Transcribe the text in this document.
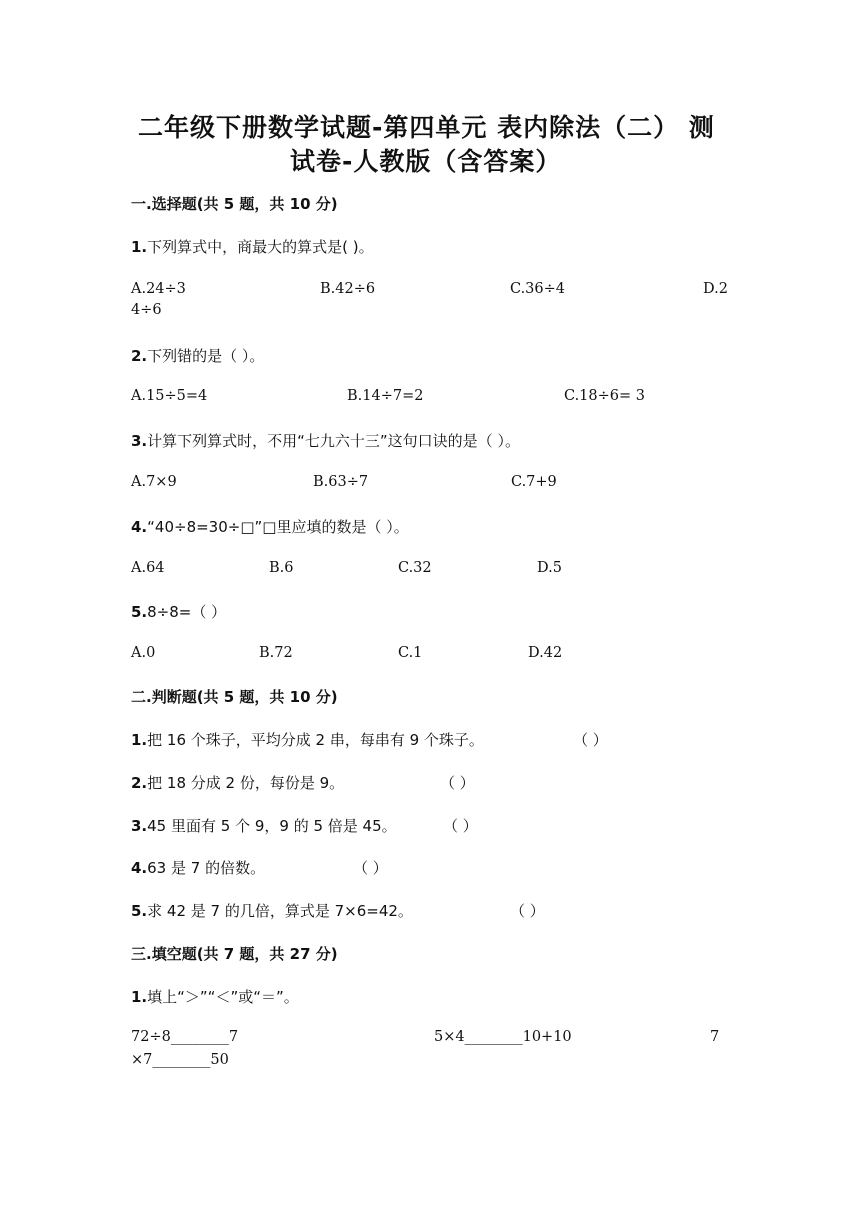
二年级下册数学试题-第四单元 表内除法（二） 测
试卷-人教版（含答案）
一.选择题(共 5 题，共 10 分)
1.下列算式中，商最大的算式是( )。
A.24÷3	B.42÷6	C.36÷4	D.2
4÷6
2.下列错的是（ ）。
A.15÷5=4	B.14÷7=2	C.18÷6= 3
3.计算下列算式时，不用“七九六十三”这句口诀的是（ ）。
A.7×9	B.63÷7	C.7+9
4.“40÷8=30÷□”□里应填的数是（ ）。
A.64	B.6	C.32	D.5
5.8÷8=（ ）
A.0	B.72	C.1	D.42
二.判断题(共 5 题，共 10 分)
1.把 16 个珠子，平均分成 2 串，每串有 9 个珠子。	（ ）
2.把 18 分成 2 份，每份是 9。	（ ）
3.45 里面有 5 个 9，9 的 5 倍是 45。	（ ）
4.63 是 7 的倍数。	（ ）
5.求 42 是 7 的几倍，算式是 7×6=42。	（ ）
三.填空题(共 7 题，共 27 分)
1.填上“＞”“＜”或“＝”。
72÷8________7	5×4________10+10	7
×7________50
